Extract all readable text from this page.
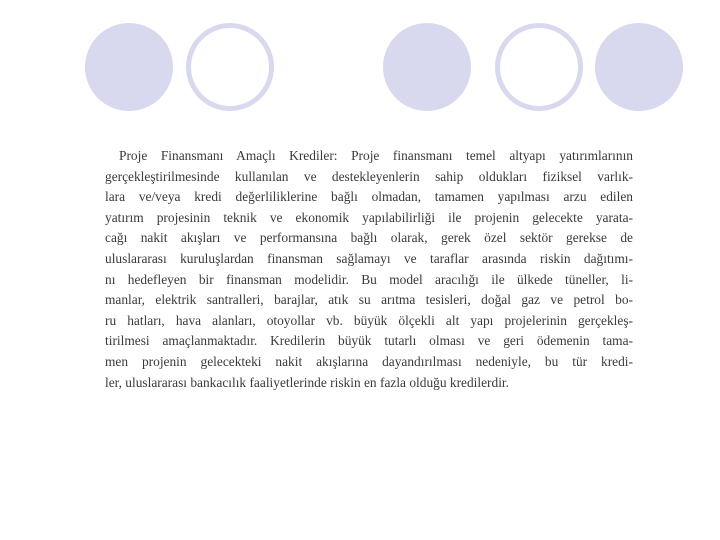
Proje Finansmanı Amaçlı Krediler: Proje finansmanı temel altyapı yatırımlarının
gerçekleştirilmesinde kullanılan ve destekleyenlerin sahip oldukları fiziksel varlık-
lara ve/veya kredi değerliliklerine bağlı olmadan, tamamen yapılması arzu edilen
yatırım projesinin teknik ve ekonomik yapılabilirliği ile projenin gelecekte yarata-
cağı nakit akışları ve performansına bağlı olarak, gerek özel sektör gerekse de
uluslararası kuruluşlardan finansman sağlamayı ve taraflar arasında riskin dağıtımı-
nı hedefleyen bir finansman modelidir. Bu model aracılığı ile ülkede tüneller, li-
manlar, elektrik santralleri, barajlar, atık su arıtma tesisleri, doğal gaz ve petrol bo-
ru hatları, hava alanları, otoyollar vb. büyük ölçekli alt yapı projelerinin gerçekleş-
tirilmesi amaçlanmaktadır. Kredilerin büyük tutarlı olması ve geri ödemenin tama-
men projenin gelecekteki nakit akışlarına dayandırılması nedeniyle, bu tür kredi-
ler, uluslararası bankacılık faaliyetlerinde riskin en fazla olduğu kredilerdir.
